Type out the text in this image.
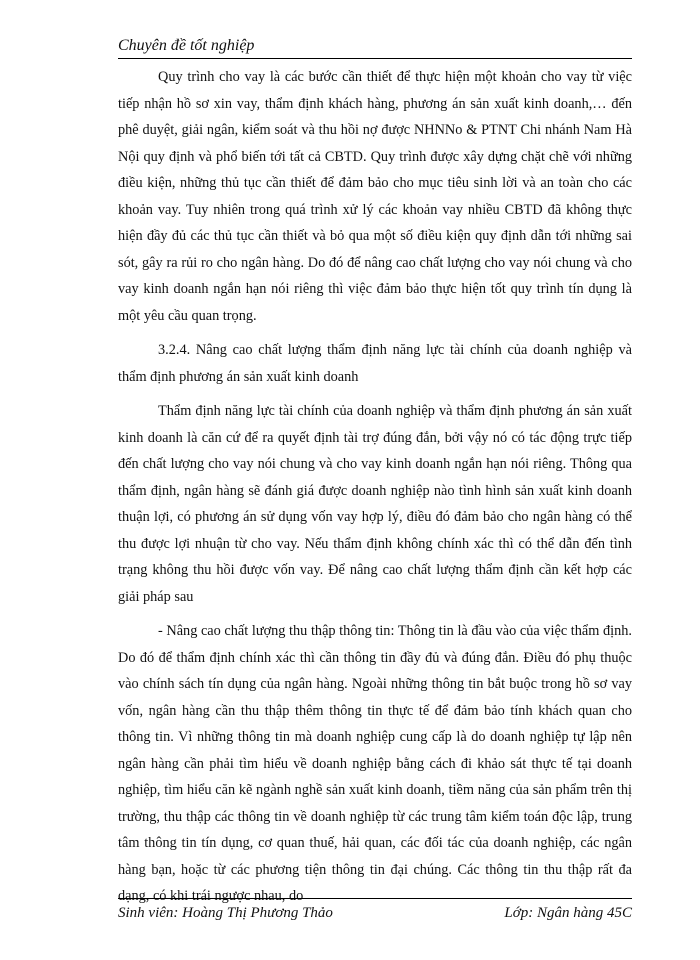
Chuyên đề tốt nghiệp

Quy trình cho vay là các bước cần thiết để thực hiện một khoản cho vay từ việc tiếp nhận hồ sơ xin vay, thẩm định khách hàng, phương án sản xuất kinh doanh,… đến phê duyệt, giải ngân, kiểm soát và thu hồi nợ được NHNNo & PTNT Chi nhánh Nam Hà Nội quy định và phổ biến tới tất cả CBTD. Quy trình được xây dựng chặt chẽ với những điều kiện, những thủ tục cần thiết để đảm bảo cho mục tiêu sinh lời và an toàn cho các khoản vay. Tuy nhiên trong quá trình xử lý các khoản vay nhiều CBTD đã không thực hiện đầy đủ các thủ tục cần thiết và bỏ qua một số điều kiện quy định dẫn tới những sai sót, gây ra rủi ro cho ngân hàng. Do đó để nâng cao chất lượng cho vay nói chung và cho vay kinh doanh ngắn hạn nói riêng thì việc đảm bảo thực hiện tốt quy trình tín dụng là một yêu cầu quan trọng.

3.2.4. Nâng cao chất lượng thẩm định năng lực tài chính của doanh nghiệp và thẩm định phương án sản xuất kinh doanh

Thẩm định năng lực tài chính của doanh nghiệp và thẩm định phương án sản xuất kinh doanh là căn cứ để ra quyết định tài trợ đúng đắn, bởi vậy nó có tác động trực tiếp đến chất lượng cho vay nói chung và cho vay kinh doanh ngắn hạn nói riêng. Thông qua thẩm định, ngân hàng sẽ đánh giá được doanh nghiệp nào tình hình sản xuất kinh doanh thuận lợi, có phương án sử dụng vốn vay hợp lý, điều đó đảm bảo cho ngân hàng có thể thu được lợi nhuận từ cho vay. Nếu thẩm định không chính xác thì có thể dẫn đến tình trạng không thu hồi được vốn vay. Để nâng cao chất lượng thẩm định cần kết hợp các giải pháp sau

- Nâng cao chất lượng thu thập thông tin: Thông tin là đầu vào của việc thẩm định. Do đó để thẩm định chính xác thì cần thông tin đầy đủ và đúng đắn. Điều đó phụ thuộc vào chính sách tín dụng của ngân hàng. Ngoài những thông tin bắt buộc trong hồ sơ vay vốn, ngân hàng cần thu thập thêm thông tin thực tế để đảm bảo tính khách quan cho thông tin. Vì những thông tin mà doanh nghiệp cung cấp là do doanh nghiệp tự lập nên ngân hàng cần phải tìm hiểu về doanh nghiệp bằng cách đi khảo sát thực tế tại doanh nghiệp, tìm hiểu căn kẽ ngành nghề sản xuất kinh doanh, tiềm năng của sản phẩm trên thị trường, thu thập các thông tin về doanh nghiệp từ các trung tâm kiểm toán độc lập, trung tâm thông tin tín dụng, cơ quan thuế, hải quan, các đối tác của doanh nghiệp, các ngân hàng bạn, hoặc từ các phương tiện thông tin đại chúng. Các thông tin thu thập rất đa dạng, có khi trái ngược nhau, do

Sinh viên: Hoàng Thị Phương Thảo	Lớp: Ngân hàng 45C
